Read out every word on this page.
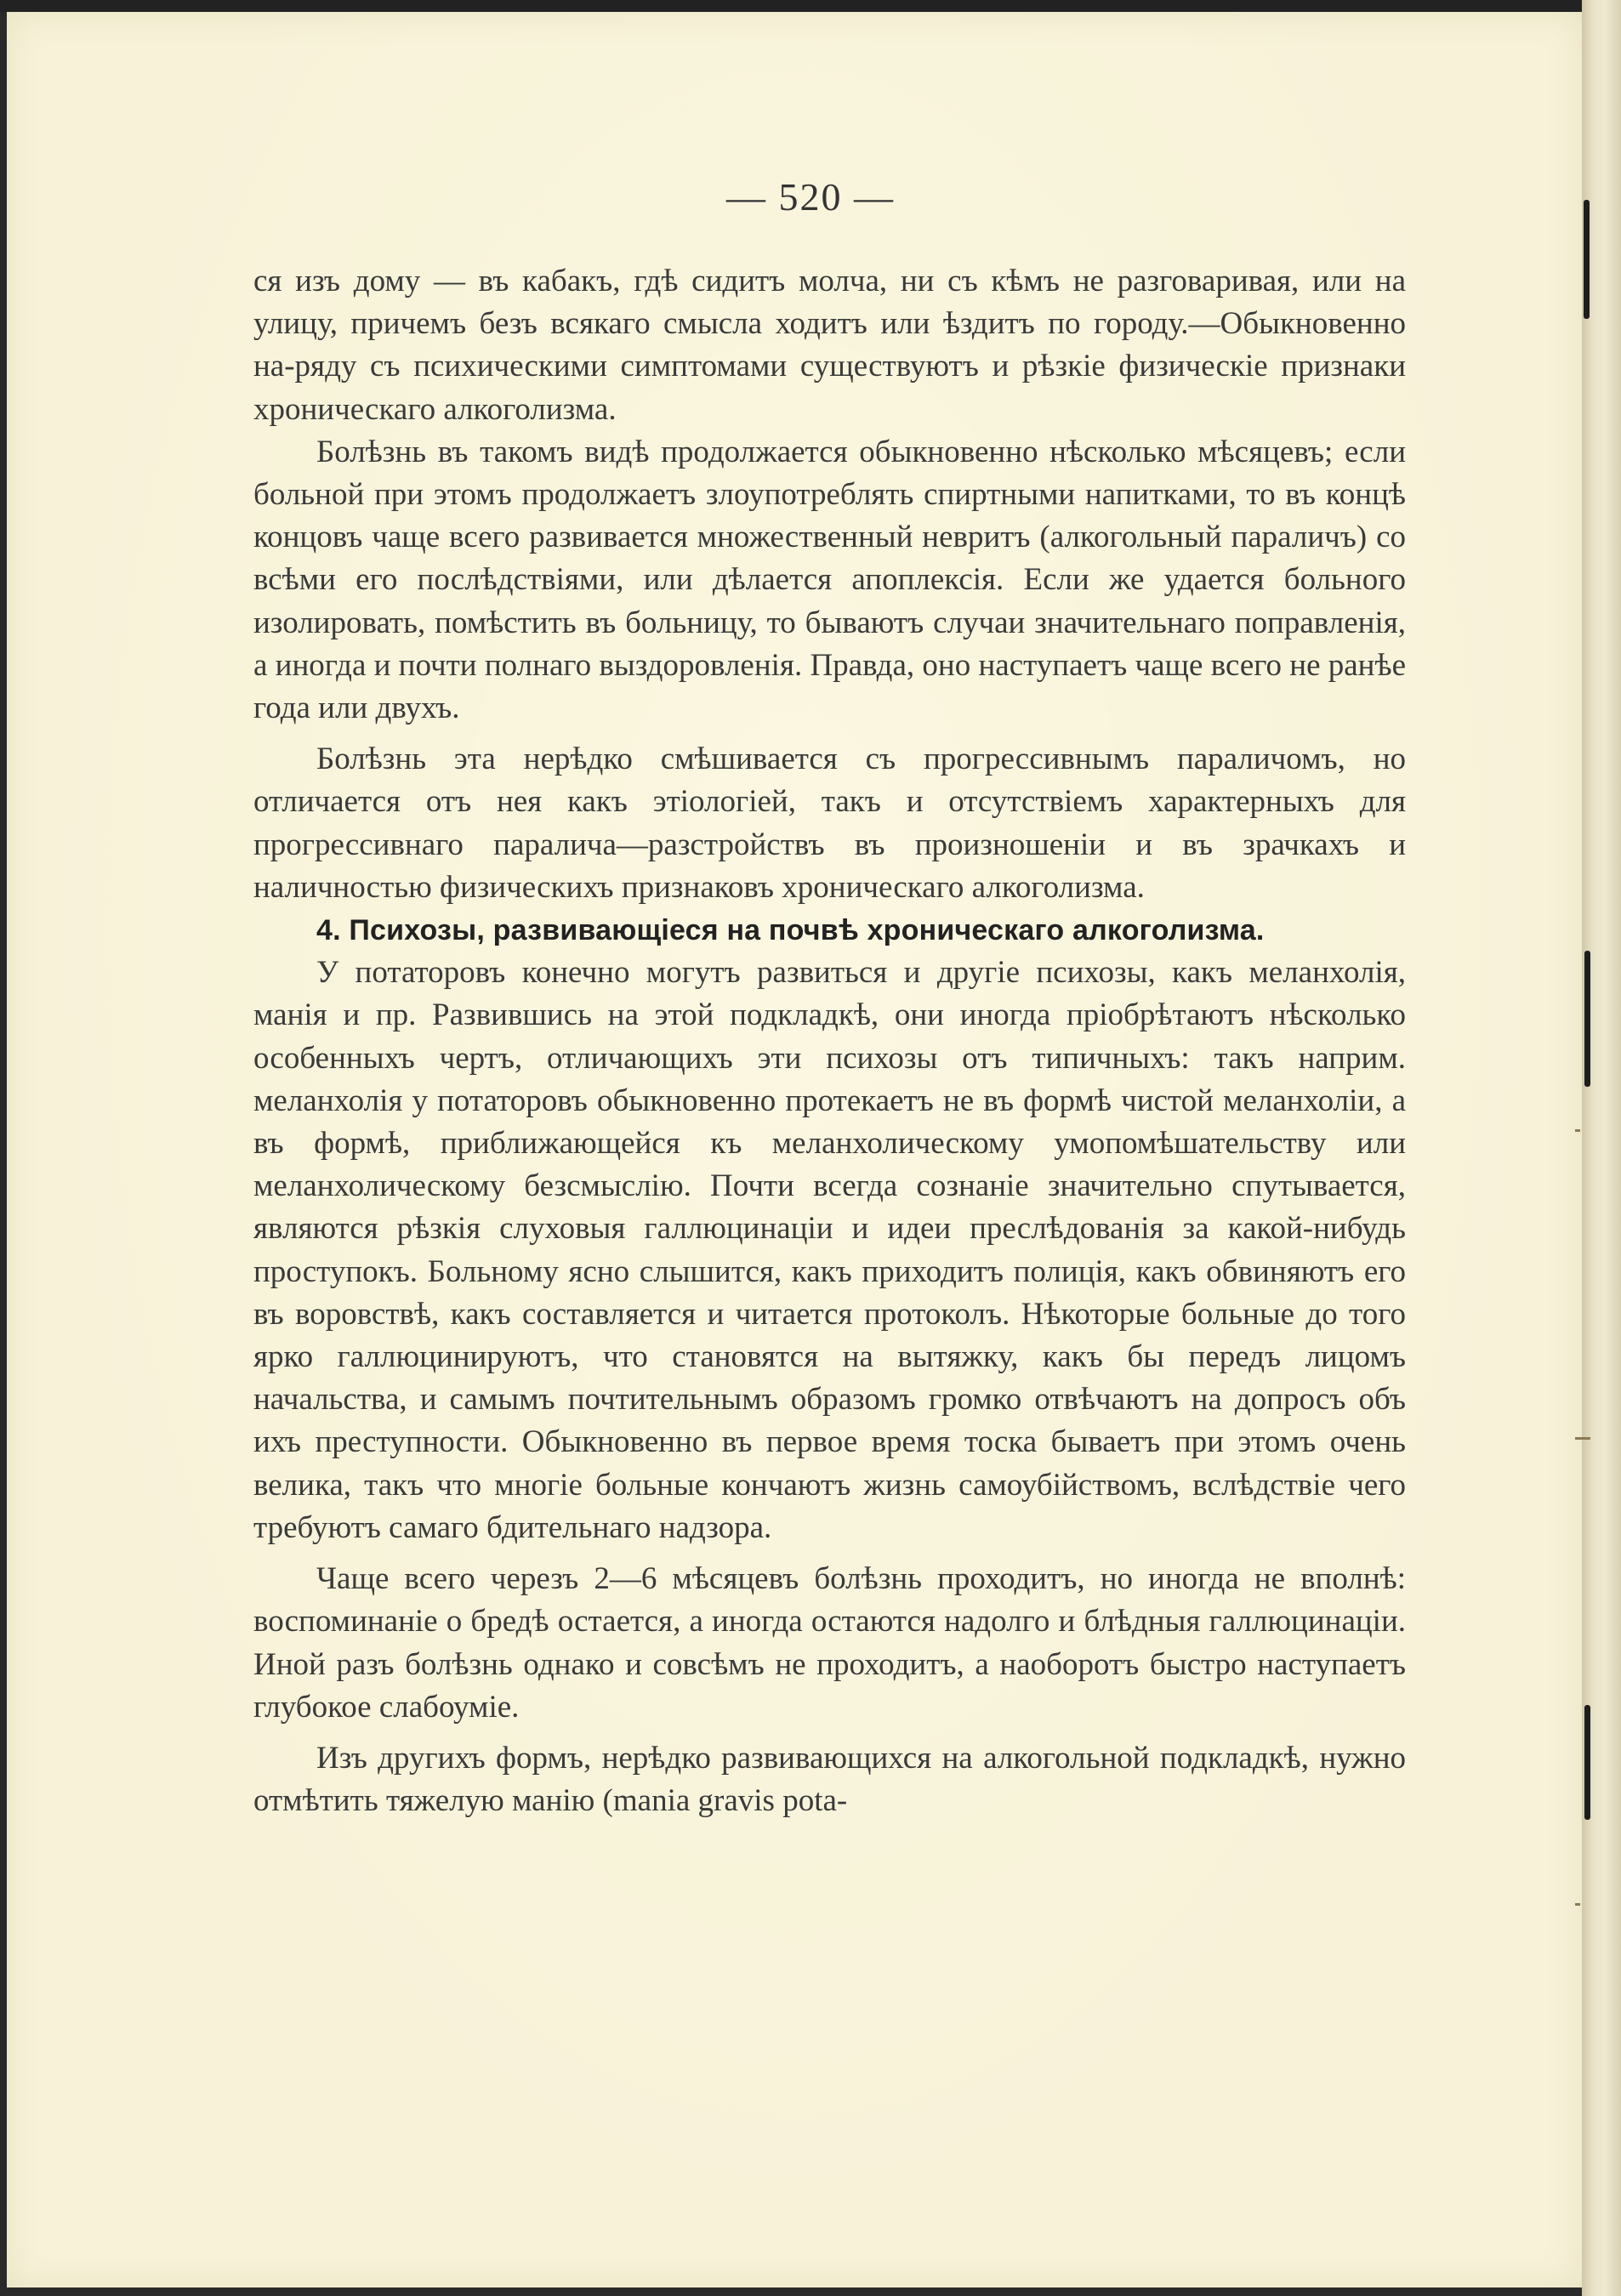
— 520 —

ся изъ дому — въ кабакъ, гдѣ сидитъ молча, ни съ кѣмъ не разговаривая, или на улицу, причемъ безъ всякаго смысла ходитъ или ѣздитъ по городу.—Обыкновенно на-ряду съ психическими симптомами существуютъ и рѣзкіе физическіе признаки хроническаго алкоголизма.

Болѣзнь въ такомъ видѣ продолжается обыкновенно нѣсколько мѣсяцевъ; если больной при этомъ продолжаетъ злоупотреблять спиртными напитками, то въ концѣ концовъ чаще всего развивается множественный невритъ (алкогольный параличъ) со всѣми его послѣдствіями, или дѣлается апоплексія. Если же удается больного изолировать, помѣстить въ больницу, то бываютъ случаи значительнаго поправленія, а иногда и почти полнаго выздоровленія. Правда, оно наступаетъ чаще всего не ранѣе года или двухъ.

Болѣзнь эта нерѣдко смѣшивается съ прогрессивнымъ параличомъ, но отличается отъ нея какъ этіологіей, такъ и отсутствіемъ характерныхъ для прогрессивнаго паралича—разстройствъ въ произношеніи и въ зрачкахъ и наличностью физическихъ признаковъ хроническаго алкоголизма.

4. Психозы, развивающіеся на почвѣ хроническаго алкоголизма.

У потаторовъ конечно могутъ развиться и другіе психозы, какъ меланхолія, манія и пр. Развившись на этой подкладкѣ, они иногда пріобрѣтаютъ нѣсколько особенныхъ чертъ, отличающихъ эти психозы отъ типичныхъ: такъ наприм. меланхолія у потаторовъ обыкновенно протекаетъ не въ формѣ чистой меланхоліи, а въ формѣ, приближающейся къ меланхолическому умопомѣшательству или меланхолическому безсмыслію. Почти всегда сознаніе значительно спутывается, являются рѣзкія слуховыя галлюцинаціи и идеи преслѣдованія за какой-нибудь проступокъ. Больному ясно слышится, какъ приходитъ полиція, какъ обвиняютъ его въ воровствѣ, какъ составляется и читается протоколъ. Нѣкоторые больные до того ярко галлюцинируютъ, что становятся на вытяжку, какъ бы передъ лицомъ начальства, и самымъ почтительнымъ образомъ громко отвѣчаютъ на допросъ объ ихъ преступности. Обыкновенно въ первое время тоска бываетъ при этомъ очень велика, такъ что многіе больные кончаютъ жизнь самоубійствомъ, вслѣдствіе чего требуютъ самаго бдительнаго надзора.

Чаще всего черезъ 2—6 мѣсяцевъ болѣзнь проходитъ, но иногда не вполнѣ: воспоминаніе о бредѣ остается, а иногда остаются надолго и блѣдныя галлюцинаціи. Иной разъ болѣзнь однако и совсѣмъ не проходитъ, а наоборотъ быстро наступаетъ глубокое слабоуміе.

Изъ другихъ формъ, нерѣдко развивающихся на алкогольной подкладкѣ, нужно отмѣтить тяжелую манію (mania gravis pota-
